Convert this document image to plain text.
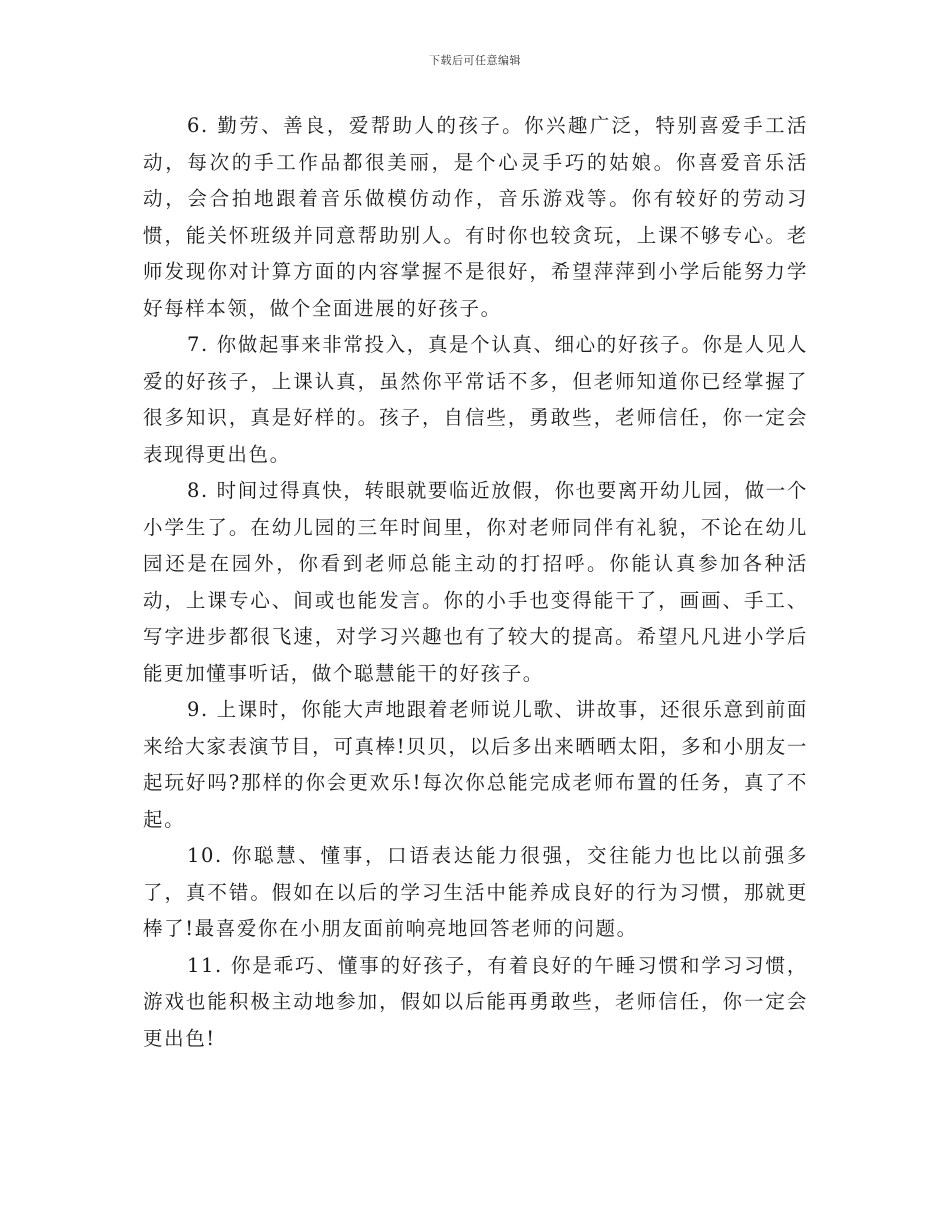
下载后可任意编辑

6. 勤劳、善良，爱帮助人的孩子。你兴趣广泛，特别喜爱手工活动，每次的手工作品都很美丽，是个心灵手巧的姑娘。你喜爱音乐活动，会合拍地跟着音乐做模仿动作，音乐游戏等。你有较好的劳动习惯，能关怀班级并同意帮助别人。有时你也较贪玩，上课不够专心。老师发现你对计算方面的内容掌握不是很好，希望萍萍到小学后能努力学好每样本领，做个全面进展的好孩子。

7. 你做起事来非常投入，真是个认真、细心的好孩子。你是人见人爱的好孩子，上课认真，虽然你平常话不多，但老师知道你已经掌握了很多知识，真是好样的。孩子，自信些，勇敢些，老师信任，你一定会表现得更出色。

8. 时间过得真快，转眼就要临近放假，你也要离开幼儿园，做一个小学生了。在幼儿园的三年时间里，你对老师同伴有礼貌，不论在幼儿园还是在园外，你看到老师总能主动的打招呼。你能认真参加各种活动，上课专心、间或也能发言。你的小手也变得能干了，画画、手工、写字进步都很飞速，对学习兴趣也有了较大的提高。希望凡凡进小学后能更加懂事听话，做个聪慧能干的好孩子。

9. 上课时，你能大声地跟着老师说儿歌、讲故事，还很乐意到前面来给大家表演节目，可真棒!贝贝，以后多出来晒晒太阳，多和小朋友一起玩好吗?那样的你会更欢乐!每次你总能完成老师布置的任务，真了不起。

10. 你聪慧、懂事，口语表达能力很强，交往能力也比以前强多了，真不错。假如在以后的学习生活中能养成良好的行为习惯，那就更棒了!最喜爱你在小朋友面前响亮地回答老师的问题。

11. 你是乖巧、懂事的好孩子，有着良好的午睡习惯和学习习惯，游戏也能积极主动地参加，假如以后能再勇敢些，老师信任，你一定会更出色!
